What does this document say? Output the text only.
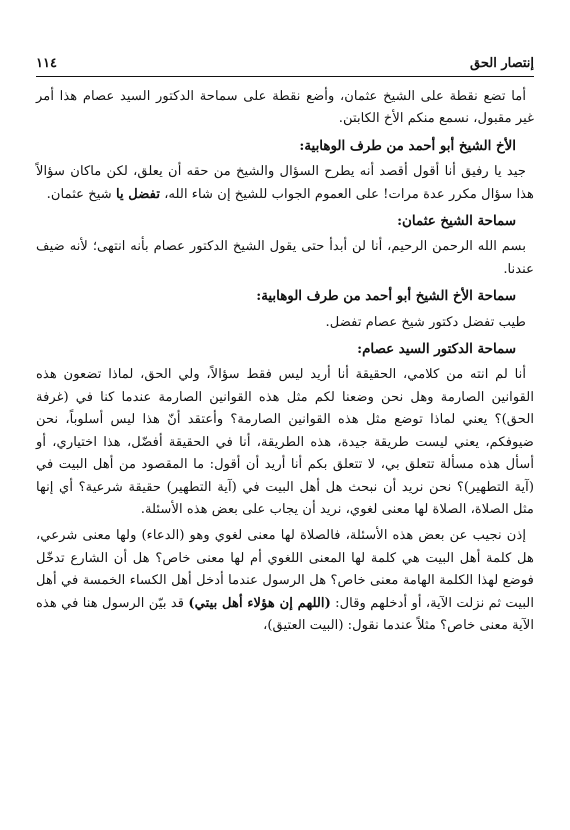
إنتصار الحق
١١٤

أما تضع نقطة على الشيخ عثمان، وأضع نقطة على سماحة الدكتور السيد عصام هذا أمر غير مقبول، نسمع منكم الأخ الكابتن.

الأخ الشيخ أبو أحمد من طرف الوهابية:

جيد يا رفيق أنا أقول أقصد أنه يطرح السؤال والشيخ من حقه أن يعلق، لكن ماكان سؤالاً هذا سؤال مكرر عدة مرات! على العموم الجواب للشيخ إن شاء الله، تفضل يا شيخ عثمان.

سماحة الشيخ عثمان:

بسم الله الرحمن الرحيم، أنا لن أبدأ حتى يقول الشيخ الدكتور عصام بأنه انتهى؛ لأنه ضيف عندنا.

سماحة الأخ الشيخ أبو أحمد من طرف الوهابية:

طيب تفضل دكتور شيخ عصام تفضل.

سماحة الدكتور السيد عصام:

أنا لم انته من كلامي، الحقيقة أنا أريد ليس فقط سؤالاً، ولي الحق، لماذا تضعون هذه القوانين الصارمة وهل نحن وضعنا لكم مثل هذه القوانين الصارمة عندما كنا في (غرفة الحق)؟ يعني لماذا توضع مثل هذه القوانين الصارمة؟ وأعتقد أنّ هذا ليس أسلوباً، نحن ضيوفكم، يعني ليست طريقة جيدة، هذه الطريقة، أنا في الحقيقة أفضّل، هذا اختياري، أو أسأل هذه مسألة تتعلق بي، لا تتعلق بكم أنا أريد أن أقول: ما المقصود من أهل البيت في (آية التطهير)؟ نحن نريد أن نبحث هل أهل البيت في (آية التطهير) حقيقة شرعية؟ أي إنها مثل الصلاة، الصلاة لها معنى لغوي، نريد أن يجاب على بعض هذه الأسئلة.

إذن نجيب عن بعض هذه الأسئلة، فالصلاة لها معنى لغوي وهو (الدعاء) ولها معنى شرعي، هل كلمة أهل البيت هي كلمة لها المعنى اللغوي أم لها معنى خاص؟ هل أن الشارع تدخّل فوضع لهذا الكلمة الهامة معنى خاص؟ هل الرسول عندما أدخل أهل الكساء الخمسة في أهل البيت ثم نزلت الآية، أو أدخلهم وقال: (اللهم إن هؤلاء أهل بيتي) قد بيّن الرسول هنا في هذه الآية معنى خاص؟ مثلاً عندما نقول: (البيت العتيق)،
